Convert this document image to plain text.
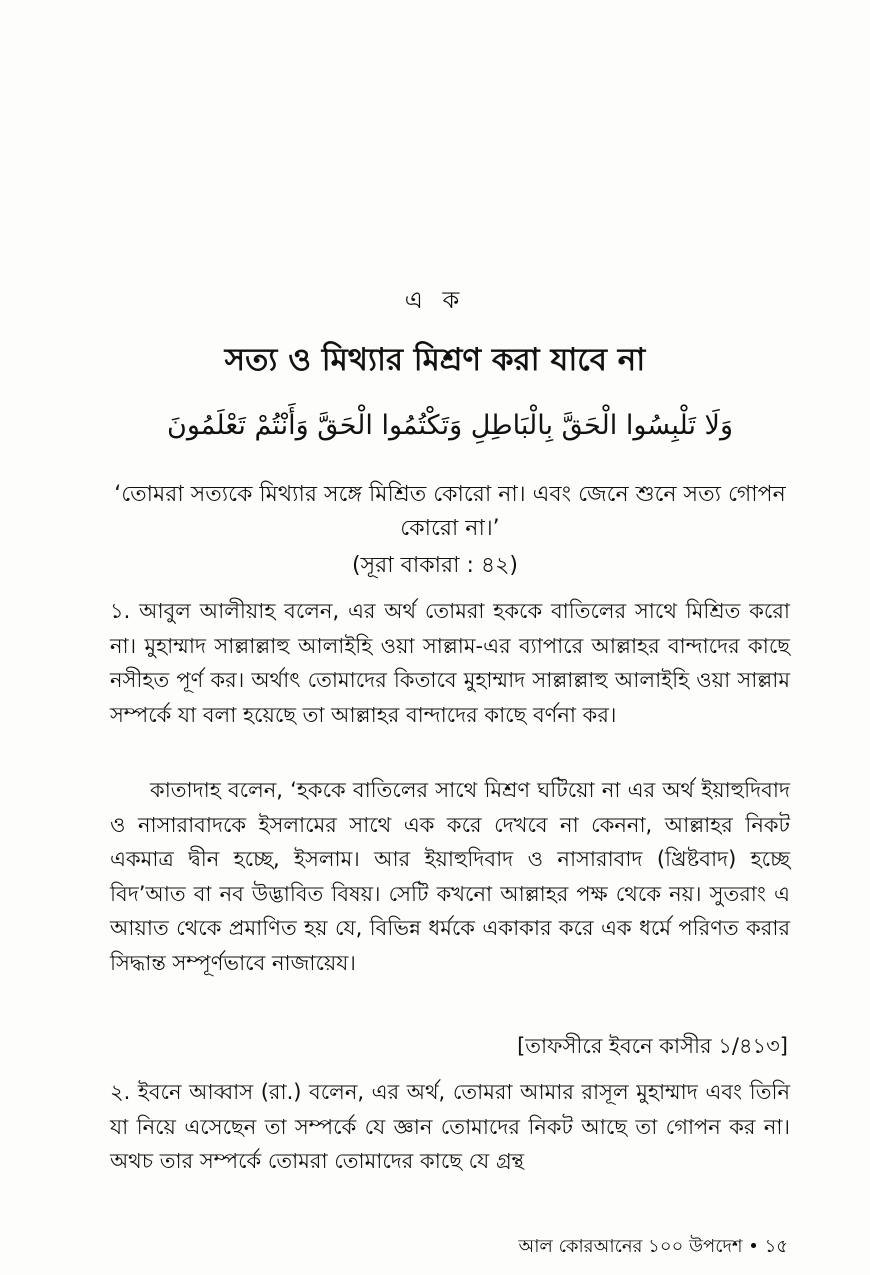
এ ক
সত্য ও মিথ্যার মিশ্রণ করা যাবে না
وَلَا تَلْبِسُوا الْحَقَّ بِالْبَاطِلِ وَتَكْتُمُوا الْحَقَّ وَأَنْتُمْ تَعْلَمُونَ
‘তোমরা সত্যকে মিথ্যার সঙ্গে মিশ্রিত কোরো না। এবং জেনে শুনে সত্য গোপন কোরো না।’
(সূরা বাকারা : ৪২)

১. আবুল আলীয়াহ বলেন, এর অর্থ তোমরা হককে বাতিলের সাথে মিশ্রিত করো না। মুহাম্মাদ সাল্লাল্লাহু আলাইহি ওয়া সাল্লাম-এর ব্যাপারে আল্লাহর বান্দাদের কাছে নসীহত পূর্ণ কর। অর্থাৎ তোমাদের কিতাবে মুহাম্মাদ সাল্লাল্লাহু আলাইহি ওয়া সাল্লাম সম্পর্কে যা বলা হয়েছে তা আল্লাহর বান্দাদের কাছে বর্ণনা কর।

কাতাদাহ বলেন, ‘হককে বাতিলের সাথে মিশ্রণ ঘটিয়ো না এর অর্থ ইয়াহুদিবাদ ও নাসারাবাদকে ইসলামের সাথে এক করে দেখবে না কেননা, আল্লাহর নিকট একমাত্র দ্বীন হচ্ছে, ইসলাম। আর ইয়াহুদিবাদ ও নাসারাবাদ (খ্রিষ্টবাদ) হচ্ছে বিদ’আত বা নব উদ্ভাবিত বিষয়। সেটি কখনো আল্লাহর পক্ষ থেকে নয়। সুতরাং এ আয়াত থেকে প্রমাণিত হয় যে, বিভিন্ন ধর্মকে একাকার করে এক ধর্মে পরিণত করার সিদ্ধান্ত সম্পূর্ণভাবে নাজায়েয।

[তাফসীরে ইবনে কাসীর ১/৪১৩]

২. ইবনে আব্বাস (রা.) বলেন, এর অর্থ, তোমরা আমার রাসূল মুহাম্মাদ এবং তিনি যা নিয়ে এসেছেন তা সম্পর্কে যে জ্ঞান তোমাদের নিকট আছে তা গোপন কর না। অথচ তার সম্পর্কে তোমরা তোমাদের কাছে যে গ্রন্থ

আল কোরআনের ১০০ উপদেশ • ১৫
